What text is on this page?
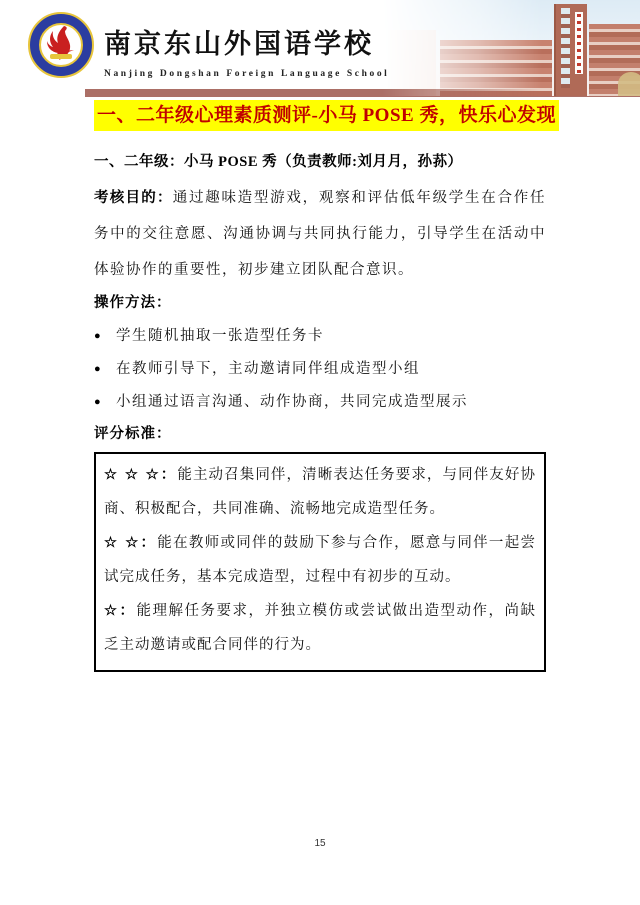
南京东山外国语学校
Nanjing Dongshan Foreign Language School
一、二年级心理素质测评-小马 POSE 秀，快乐心发现

一、二年级：小马 POSE 秀（负责教师:刘月月，孙荪）

考核目的：通过趣味造型游戏，观察和评估低年级学生在合作任务中的交往意愿、沟通协调与共同执行能力，引导学生在活动中体验协作的重要性，初步建立团队配合意识。

操作方法：
● 学生随机抽取一张造型任务卡
● 在教师引导下，主动邀请同伴组成造型小组
● 小组通过语言沟通、动作协商，共同完成造型展示
评分标准：

☆ ☆ ☆：能主动召集同伴，清晰表达任务要求，与同伴友好协商、积极配合，共同准确、流畅地完成造型任务。

☆ ☆：能在教师或同伴的鼓励下参与合作，愿意与同伴一起尝试完成任务，基本完成造型，过程中有初步的互动。

☆：能理解任务要求，并独立模仿或尝试做出造型动作，尚缺乏主动邀请或配合同伴的行为。

15
